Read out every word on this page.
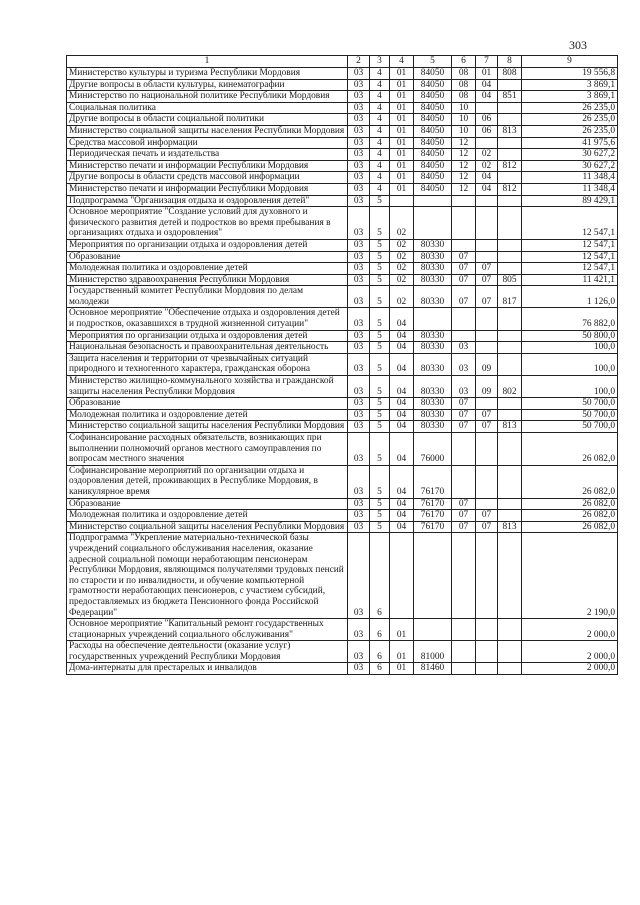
303
1	2	3	4	5	6	7	8	9
Министерство культуры и туризма Республики Мордовия	03	4	01	84050	08	01	808	19 556,8
Другие вопросы в области культуры, кинематографии	03	4	01	84050	08	04		3 869,1
Министерство по национальной политике Республики Мордовия	03	4	01	84050	08	04	851	3 869,1
Социальная политика	03	4	01	84050	10			26 235,0
Другие вопросы в области социальной политики	03	4	01	84050	10	06		26 235,0
Министерство социальной защиты населения Республики Мордовия	03	4	01	84050	10	06	813	26 235,0
Средства массовой информации	03	4	01	84050	12			41 975,6
Периодическая печать и издательства	03	4	01	84050	12	02		30 627,2
Министерство печати и информации Республики Мордовия	03	4	01	84050	12	02	812	30 627,2
Другие вопросы в области средств массовой информации	03	4	01	84050	12	04		11 348,4
Министерство печати и информации Республики Мордовия	03	4	01	84050	12	04	812	11 348,4
Подпрограмма "Организация отдыха и оздоровления детей"	03	5						89 429,1
Основное мероприятие "Создание условий для духовного и физического развития детей и подростков во время пребывания в организациях отдыха и оздоровления"	03	5	02					12 547,1
Мероприятия по организации отдыха и оздоровления детей	03	5	02	80330				12 547,1
Образование	03	5	02	80330	07			12 547,1
Молодежная политика и оздоровление детей	03	5	02	80330	07	07		12 547,1
Министерство здравоохранения Республики Мордовия	03	5	02	80330	07	07	805	11 421,1
Государственный комитет Республики Мордовия по делам молодежи	03	5	02	80330	07	07	817	1 126,0
Основное мероприятие "Обеспечение отдыха и оздоровления детей и подростков, оказавшихся в трудной жизненной ситуации"	03	5	04					76 882,0
Мероприятия по организации отдыха и оздоровления детей	03	5	04	80330				50 800,0
Национальная безопасность и правоохранительная деятельность	03	5	04	80330	03			100,0
Защита населения и территории от чрезвычайных ситуаций природного и техногенного характера, гражданская оборона	03	5	04	80330	03	09		100,0
Министерство жилищно-коммунального хозяйства и гражданской защиты населения Республики Мордовия	03	5	04	80330	03	09	802	100,0
Образование	03	5	04	80330	07			50 700,0
Молодежная политика и оздоровление детей	03	5	04	80330	07	07		50 700,0
Министерство социальной защиты населения Республики Мордовия	03	5	04	80330	07	07	813	50 700,0
Софинансирование расходных обязательств, возникающих при выполнении полномочий органов местного самоуправления по вопросам местного значения	03	5	04	76000				26 082,0
Софинансирование мероприятий по организации отдыха и оздоровления детей, проживающих в Республике Мордовия, в каникулярное время	03	5	04	76170				26 082,0
Образование	03	5	04	76170	07			26 082,0
Молодежная политика и оздоровление детей	03	5	04	76170	07	07		26 082,0
Министерство социальной защиты населения Республики Мордовия	03	5	04	76170	07	07	813	26 082,0
Подпрограмма "Укрепление материально-технической базы учреждений социального обслуживания населения, оказание адресной социальной помощи неработающим пенсионерам Республики Мордовия, являющимся получателями трудовых пенсий по старости и по инвалидности, и обучение компьютерной грамотности неработающих пенсионеров, с участием субсидий, предоставляемых из бюджета Пенсионного фонда Российской Федерации"	03	6						2 190,0
Основное мероприятие "Капитальный ремонт государственных стационарных учреждений социального обслуживания"	03	6	01					2 000,0
Расходы на обеспечение деятельности (оказание услуг) государственных учреждений Республики Мордовия	03	6	01	81000				2 000,0
Дома-интернаты для престарелых и инвалидов	03	6	01	81460				2 000,0
